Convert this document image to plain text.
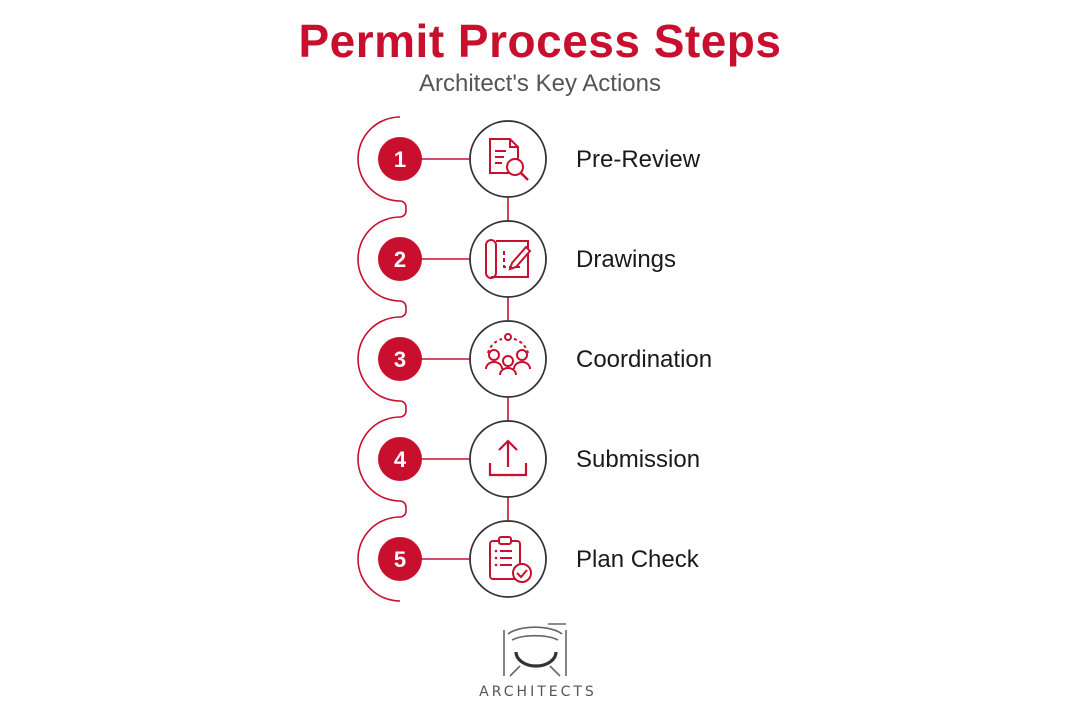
Permit Process Steps
Architect's Key Actions
1	Pre-Review
2	Drawings
3	Coordination
4	Submission
5	Plan Check
ARCHITECTS
